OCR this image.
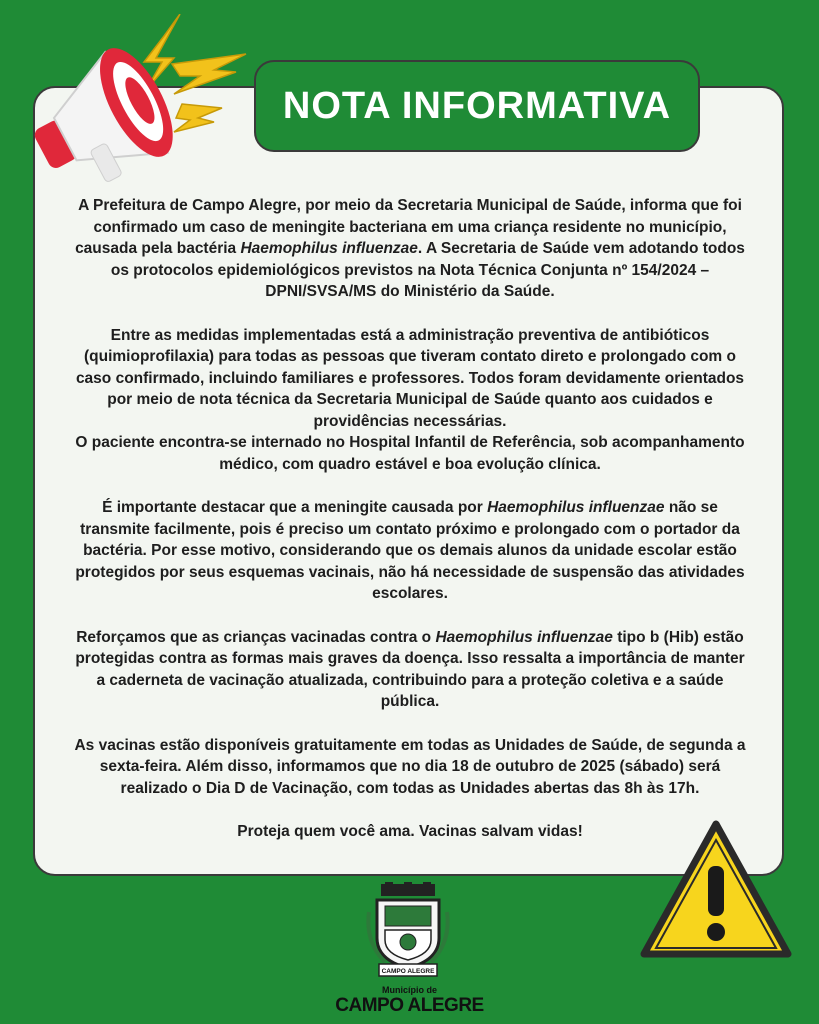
NOTA INFORMATIVA

A Prefeitura de Campo Alegre, por meio da Secretaria Municipal de Saúde, informa que foi confirmado um caso de meningite bacteriana em uma criança residente no município, causada pela bactéria Haemophilus influenzae. A Secretaria de Saúde vem adotando todos os protocolos epidemiológicos previstos na Nota Técnica Conjunta nº 154/2024 – DPNI/SVSA/MS do Ministério da Saúde.

Entre as medidas implementadas está a administração preventiva de antibióticos (quimioprofilaxia) para todas as pessoas que tiveram contato direto e prolongado com o caso confirmado, incluindo familiares e professores. Todos foram devidamente orientados por meio de nota técnica da Secretaria Municipal de Saúde quanto aos cuidados e providências necessárias.
O paciente encontra-se internado no Hospital Infantil de Referência, sob acompanhamento médico, com quadro estável e boa evolução clínica.

É importante destacar que a meningite causada por Haemophilus influenzae não se transmite facilmente, pois é preciso um contato próximo e prolongado com o portador da bactéria. Por esse motivo, considerando que os demais alunos da unidade escolar estão protegidos por seus esquemas vacinais, não há necessidade de suspensão das atividades escolares.

Reforçamos que as crianças vacinadas contra o Haemophilus influenzae tipo b (Hib) estão protegidas contra as formas mais graves da doença. Isso ressalta a importância de manter a caderneta de vacinação atualizada, contribuindo para a proteção coletiva e a saúde pública.

As vacinas estão disponíveis gratuitamente em todas as Unidades de Saúde, de segunda a sexta-feira. Além disso, informamos que no dia 18 de outubro de 2025 (sábado) será realizado o Dia D de Vacinação, com todas as Unidades abertas das 8h às 17h.

Proteja quem você ama. Vacinas salvam vidas!

CAMPO ALEGRE
Município de
CAMPO ALEGRE
